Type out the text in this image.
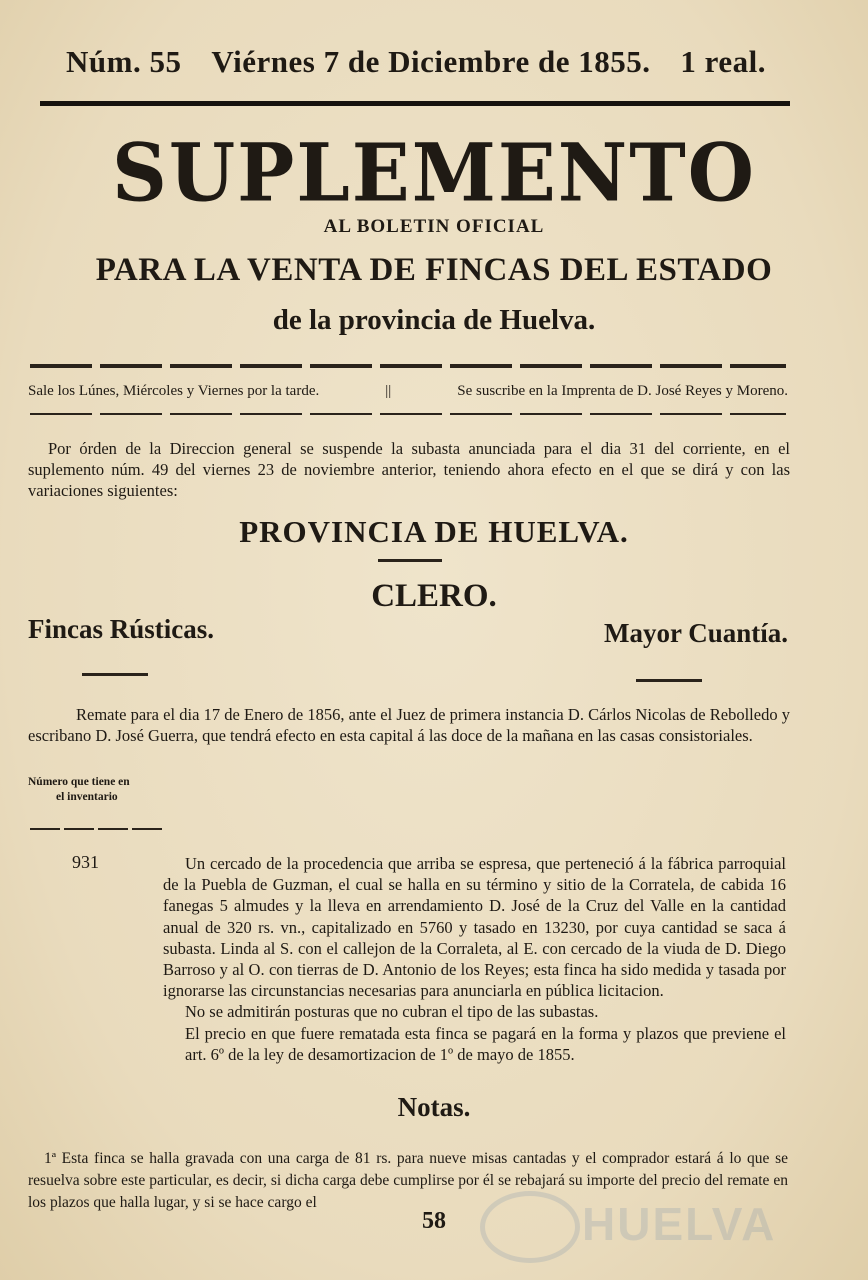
Núm. 55 Viérnes 7 de Diciembre de 1855. 1 real.
SUPLEMENTO
AL BOLETIN OFICIAL
PARA LA VENTA DE FINCAS DEL ESTADO
de la provincia de Huelva.
Sale los Lúnes, Miércoles y Viernes por la tarde.	||	Se suscribe en la Imprenta de D. José Reyes y Moreno.
Por órden de la Direccion general se suspende la subasta anunciada para el dia 31 del corriente, en el suplemento núm. 49 del viernes 23 de noviembre anterior, teniendo ahora efecto en el que se dirá y con las variaciones siguientes:
PROVINCIA DE HUELVA.
CLERO.
Fincas Rústicas.	Mayor Cuantía.
Remate para el dia 17 de Enero de 1856, ante el Juez de primera instancia D. Cárlos Nicolas de Rebolledo y escribano D. José Guerra, que tendrá efecto en esta capital á las doce de la mañana en las casas consistoriales.
Número que tiene en
el inventario
931	Un cercado de la procedencia que arriba se espresa, que perteneció á la fábrica parroquial de la Puebla de Guzman, el cual se halla en su término y sitio de la Corratela, de cabida 16 fanegas 5 almudes y la lleva en arrendamiento D. José de la Cruz del Valle en la cantidad anual de 320 rs. vn., capitalizado en 5760 y tasado en 13230, por cuya cantidad se saca á subasta. Linda al S. con el callejon de la Corraleta, al E. con cercado de la viuda de D. Diego Barroso y al O. con tierras de D. Antonio de los Reyes; esta finca ha sido medida y tasada por ignorarse las circunstancias necesarias para anunciarla en pública licitacion.

No se admitirán posturas que no cubran el tipo de las subastas.

El precio en que fuere rematada esta finca se pagará en la forma y plazos que previene el art. 6º de la ley de desamortizacion de 1º de mayo de 1855.

Notas.
1ª Esta finca se halla gravada con una carga de 81 rs. para nueve misas cantadas y el comprador estará á lo que se resuelva sobre este particular, es decir, si dicha carga debe cumplirse por él se rebajará su importe del precio del remate en los plazos que halla lugar, y si se hace cargo el	HUELVA
58
